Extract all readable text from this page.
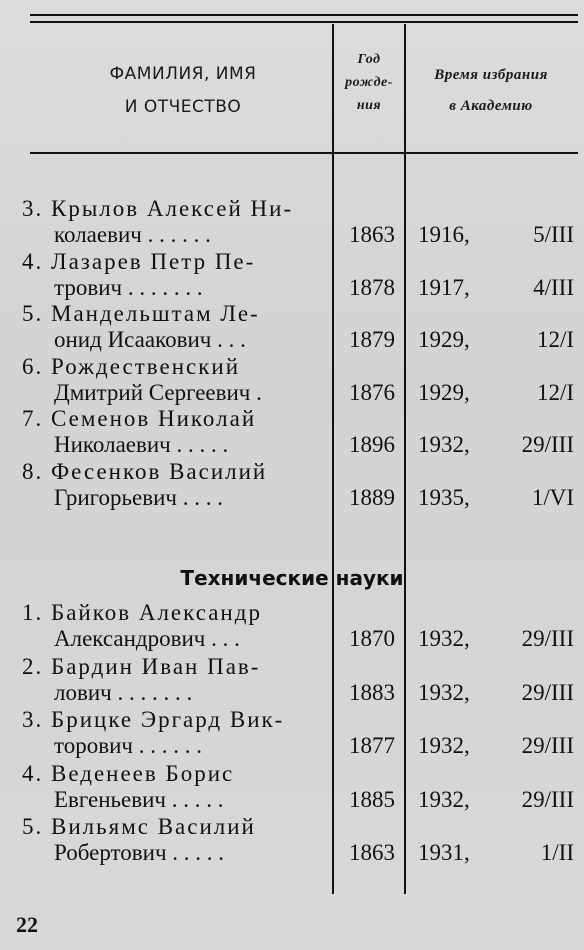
ФАМИЛИЯ, ИМЯ
И ОТЧЕСТВО
Год
рожде-
ния
Время избрания
в Академию
3. Крылов Алексей Ни-
колаевич . . . . . .	1863	1916,	5/III
4. Лазарев Петр Пе-
трович . . . . . . .	1878	1917,	4/III
5. Мандельштам Ле-
онид Исаакович . . .	1879	1929,	12/I
6. Рождественский
Дмитрий Сергеевич .	1876	1929,	12/I
7. Семенов Николай
Николаевич . . . . .	1896	1932, 29/III
8. Фесенков Василий
Григорьевич . . . .	1889	1935,	1/VI
Технические науки
1. Байков Александр
Александрович . . .	1870	1932, 29/III
2. Бардин Иван Пав-
лович . . . . . . .	1883	1932, 29/III
3. Брицке Эргард Вик-
торович . . . . . .	1877	1932, 29/III
4. Веденеев Борис
Евгеньевич . . . . .	1885	1932, 29/III
5. Вильямс Василий
Робертович . . . . .	1863	1931,	1/II
22
